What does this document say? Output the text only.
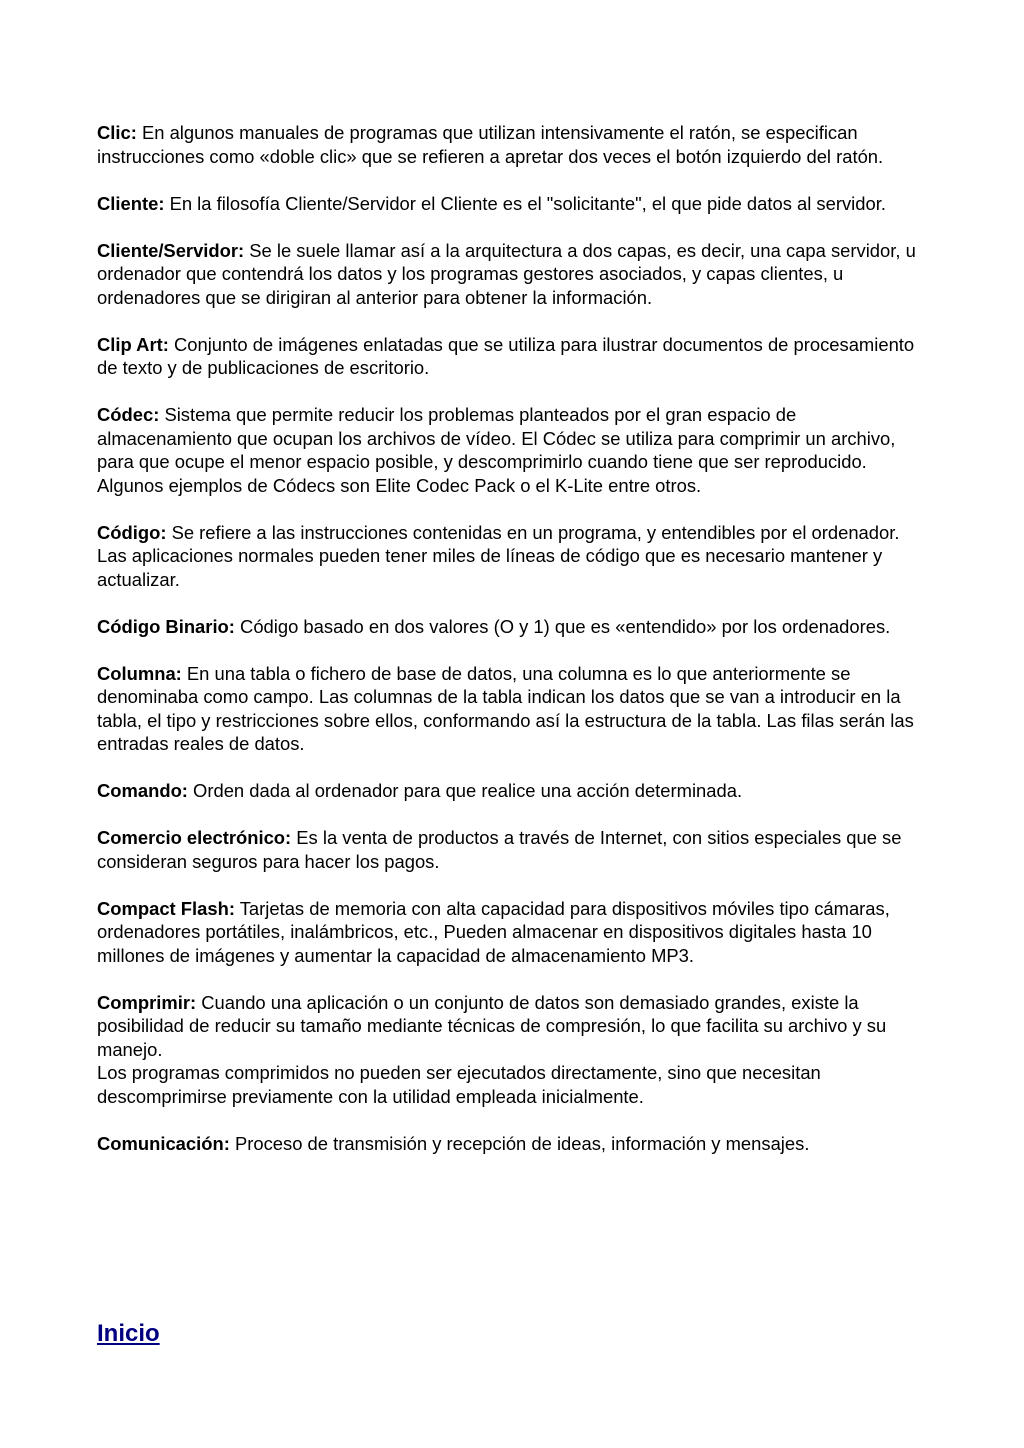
Clic: En algunos manuales de programas que utilizan intensivamente el ratón, se especifican instrucciones como «doble clic» que se refieren a apretar dos veces el botón izquierdo del ratón.

Cliente: En la filosofía Cliente/Servidor el Cliente es el "solicitante", el que pide datos al servidor.

Cliente/Servidor: Se le suele llamar así a la arquitectura a dos capas, es decir, una capa servidor, u ordenador que contendrá los datos y los programas gestores asociados, y capas clientes, u ordenadores que se dirigiran al anterior para obtener la información.

Clip Art: Conjunto de imágenes enlatadas que se utiliza para ilustrar documentos de procesamiento de texto y de publicaciones de escritorio.

Códec: Sistema que permite reducir los problemas planteados por el gran espacio de almacenamiento que ocupan los archivos de vídeo. El Códec se utiliza para comprimir un archivo, para que ocupe el menor espacio posible, y descomprimirlo cuando tiene que ser reproducido. Algunos ejemplos de Códecs son Elite Codec Pack o el K-Lite entre otros.

Código: Se refiere a las instrucciones contenidas en un programa, y entendibles por el ordenador. Las aplicaciones normales pueden tener miles de líneas de código que es necesario mantener y actualizar.

Código Binario: Código basado en dos valores (O y 1) que es «entendido» por los ordenadores.

Columna: En una tabla o fichero de base de datos, una columna es lo que anteriormente se denominaba como campo. Las columnas de la tabla indican los datos que se van a introducir en la tabla, el tipo y restricciones sobre ellos, conformando así la estructura de la tabla. Las filas serán las entradas reales de datos.

Comando: Orden dada al ordenador para que realice una acción determinada.

Comercio electrónico: Es la venta de productos a través de Internet, con sitios especiales que se consideran seguros para hacer los pagos.

Compact Flash: Tarjetas de memoria con alta capacidad para dispositivos móviles tipo cámaras, ordenadores portátiles, inalámbricos, etc., Pueden almacenar en dispositivos digitales hasta 10 millones de imágenes y aumentar la capacidad de almacenamiento MP3.

Comprimir: Cuando una aplicación o un conjunto de datos son demasiado grandes, existe la posibilidad de reducir su tamaño mediante técnicas de compresión, lo que facilita su archivo y su manejo.
Los programas comprimidos no pueden ser ejecutados directamente, sino que necesitan descomprimirse previamente con la utilidad empleada inicialmente.

Comunicación: Proceso de transmisión y recepción de ideas, información y mensajes.

Inicio
